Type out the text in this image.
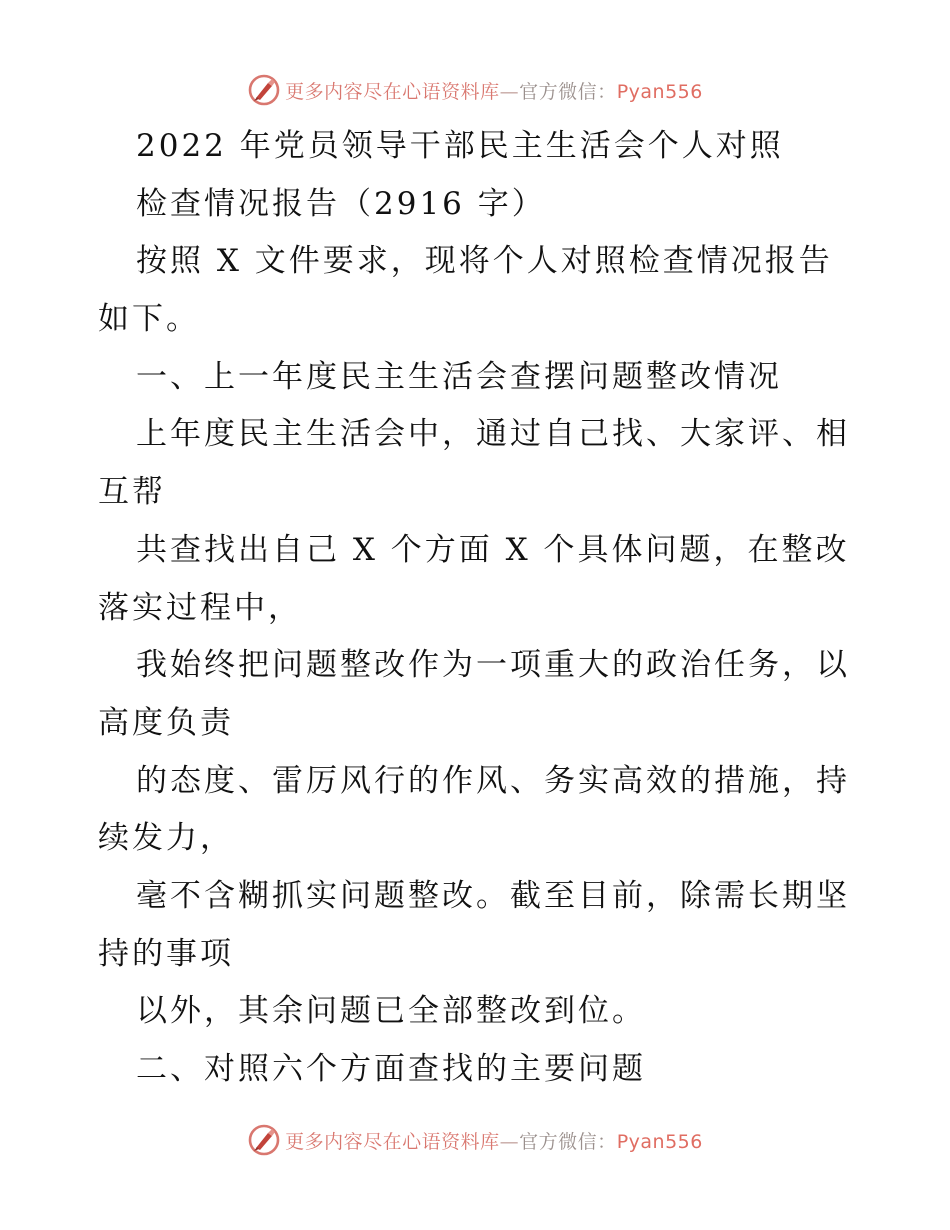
更多内容尽在心语资料库—官方微信：Pyan556
2022 年党员领导干部民主生活会个人对照
检查情况报告（2916 字）
按照 X 文件要求，现将个人对照检查情况报告
如下。
一、上一年度民主生活会查摆问题整改情况
上年度民主生活会中，通过自己找、大家评、相
互帮
共查找出自己 X 个方面 X 个具体问题，在整改
落实过程中，
我始终把问题整改作为一项重大的政治任务，以
高度负责
的态度、雷厉风行的作风、务实高效的措施，持
续发力，
毫不含糊抓实问题整改。截至目前，除需长期坚
持的事项
以外，其余问题已全部整改到位。
二、对照六个方面查找的主要问题
更多内容尽在心语资料库—官方微信：Pyan556
